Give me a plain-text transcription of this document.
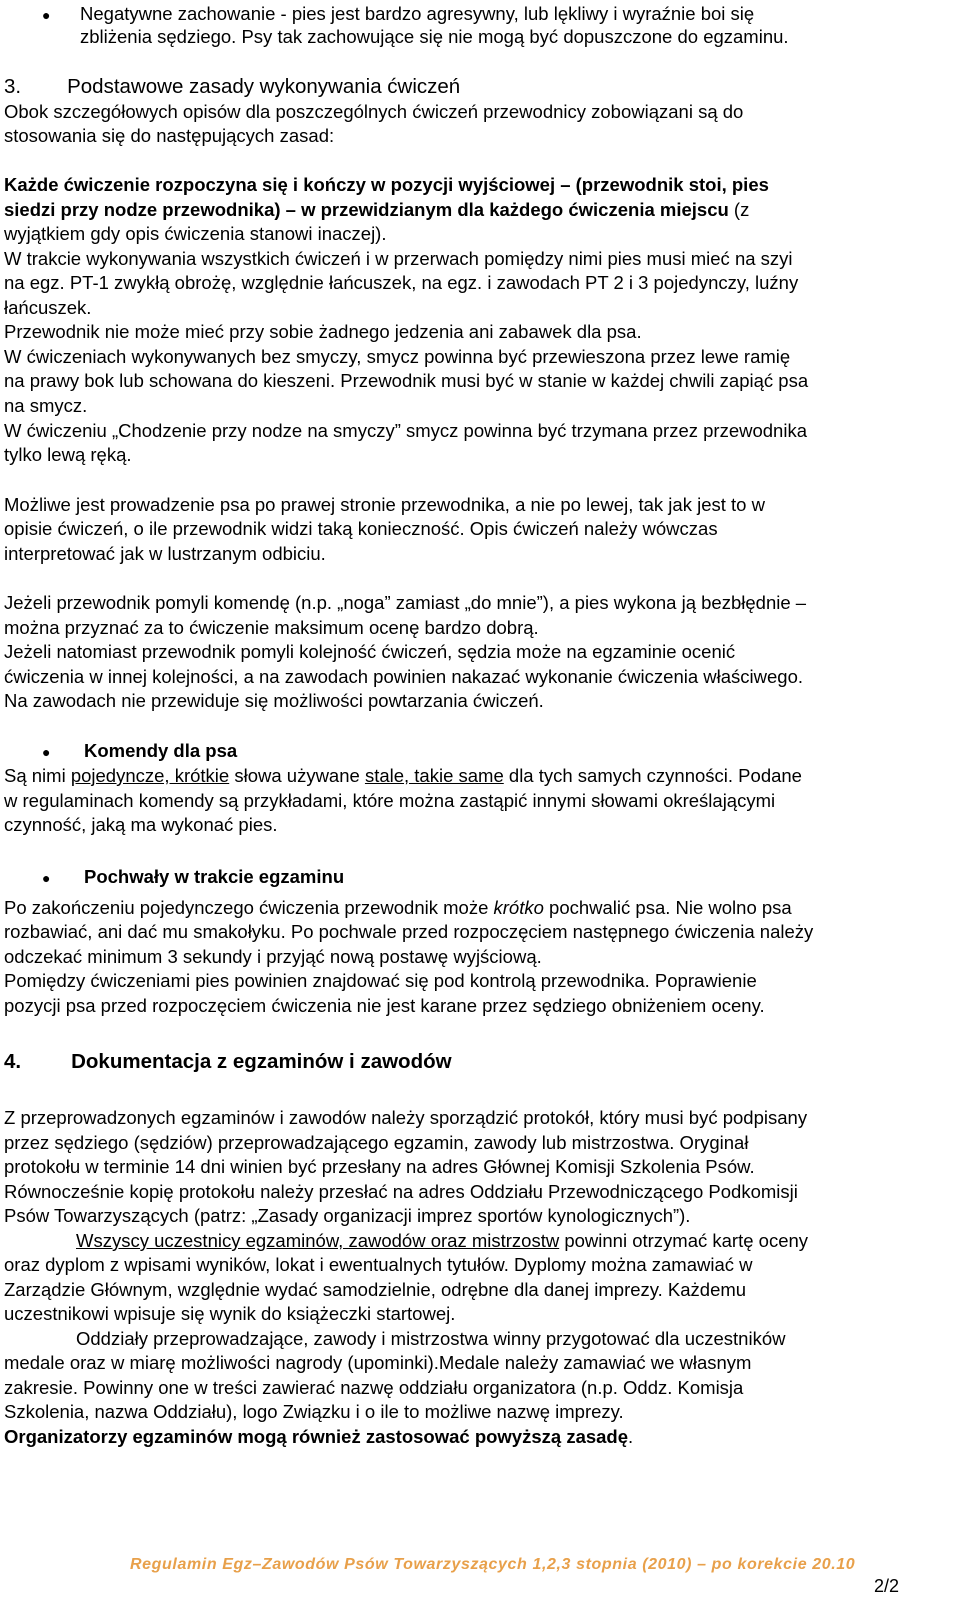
● Negatywne zachowanie - pies jest bardzo agresywny, lub lękliwy i wyraźnie boi się
zbliżenia sędziego. Psy tak zachowujące się nie mogą być dopuszczone do egzaminu.
3. Podstawowe zasady wykonywania ćwiczeń
Obok szczegółowych opisów dla poszczególnych ćwiczeń przewodnicy zobowiązani są do
stosowania się do następujących zasad:
Każde ćwiczenie rozpoczyna się i kończy w pozycji wyjściowej – (przewodnik stoi, pies
siedzi przy nodze przewodnika) – w przewidzianym dla każdego ćwiczenia miejscu (z
wyjątkiem gdy opis ćwiczenia stanowi inaczej).
W trakcie wykonywania wszystkich ćwiczeń i w przerwach pomiędzy nimi pies musi mieć na szyi
na egz. PT-1 zwykłą obrożę, względnie łańcuszek, na egz. i zawodach PT 2 i 3 pojedynczy, luźny
łańcuszek.
Przewodnik nie może mieć przy sobie żadnego jedzenia ani zabawek dla psa.
W ćwiczeniach wykonywanych bez smyczy, smycz powinna być przewieszona przez lewe ramię
na prawy bok lub schowana do kieszeni. Przewodnik musi być w stanie w każdej chwili zapiąć psa
na smycz.
W ćwiczeniu „Chodzenie przy nodze na smyczy” smycz powinna być trzymana przez przewodnika
tylko lewą ręką.
Możliwe jest prowadzenie psa po prawej stronie przewodnika, a nie po lewej, tak jak jest to w
opisie ćwiczeń, o ile przewodnik widzi taką konieczność. Opis ćwiczeń należy wówczas
interpretować jak w lustrzanym odbiciu.
Jeżeli przewodnik pomyli komendę (n.p. „noga” zamiast „do mnie”), a pies wykona ją bezbłędnie –
można przyznać za to ćwiczenie maksimum ocenę bardzo dobrą.
Jeżeli natomiast przewodnik pomyli kolejność ćwiczeń, sędzia może na egzaminie ocenić
ćwiczenia w innej kolejności, a na zawodach powinien nakazać wykonanie ćwiczenia właściwego.
Na zawodach nie przewiduje się możliwości powtarzania ćwiczeń.
● Komendy dla psa
Są nimi pojedyncze, krótkie słowa używane stale, takie same dla tych samych czynności. Podane
w regulaminach komendy są przykładami, które można zastąpić innymi słowami określającymi
czynność, jaką ma wykonać pies.
● Pochwały w trakcie egzaminu
Po zakończeniu pojedynczego ćwiczenia przewodnik może krótko pochwalić psa. Nie wolno psa
rozbawiać, ani dać mu smakołyku. Po pochwale przed rozpoczęciem następnego ćwiczenia należy
odczekać minimum 3 sekundy i przyjąć nową postawę wyjściową.
Pomiędzy ćwiczeniami pies powinien znajdować się pod kontrolą przewodnika. Poprawienie
pozycji psa przed rozpoczęciem ćwiczenia nie jest karane przez sędziego obniżeniem oceny.
4. Dokumentacja z egzaminów i zawodów
Z przeprowadzonych egzaminów i zawodów należy sporządzić protokół, który musi być podpisany
przez sędziego (sędziów) przeprowadzającego egzamin, zawody lub mistrzostwa. Oryginał
protokołu w terminie 14 dni winien być przesłany na adres Głównej Komisji Szkolenia Psów.
Równocześnie kopię protokołu należy przesłać na adres Oddziału Przewodniczącego Podkomisji
Psów Towarzyszących (patrz: „Zasady organizacji imprez sportów kynologicznych”).
Wszyscy uczestnicy egzaminów, zawodów oraz mistrzostw powinni otrzymać kartę oceny
oraz dyplom z wpisami wyników, lokat i ewentualnych tytułów. Dyplomy można zamawiać w
Zarządzie Głównym, względnie wydać samodzielnie, odrębne dla danej imprezy. Każdemu
uczestnikowi wpisuje się wynik do książeczki startowej.
Oddziały przeprowadzające, zawody i mistrzostwa winny przygotować dla uczestników
medale oraz w miarę możliwości nagrody (upominki).Medale należy zamawiać we własnym
zakresie. Powinny one w treści zawierać nazwę oddziału organizatora (n.p. Oddz. Komisja
Szkolenia, nazwa Oddziału), logo Związku i o ile to możliwe nazwę imprezy.
Organizatorzy egzaminów mogą również zastosować powyższą zasadę.
Regulamin Egz–Zawodów Psów Towarzyszących 1,2,3 stopnia (2010) – po korekcie 20.10
2/2
